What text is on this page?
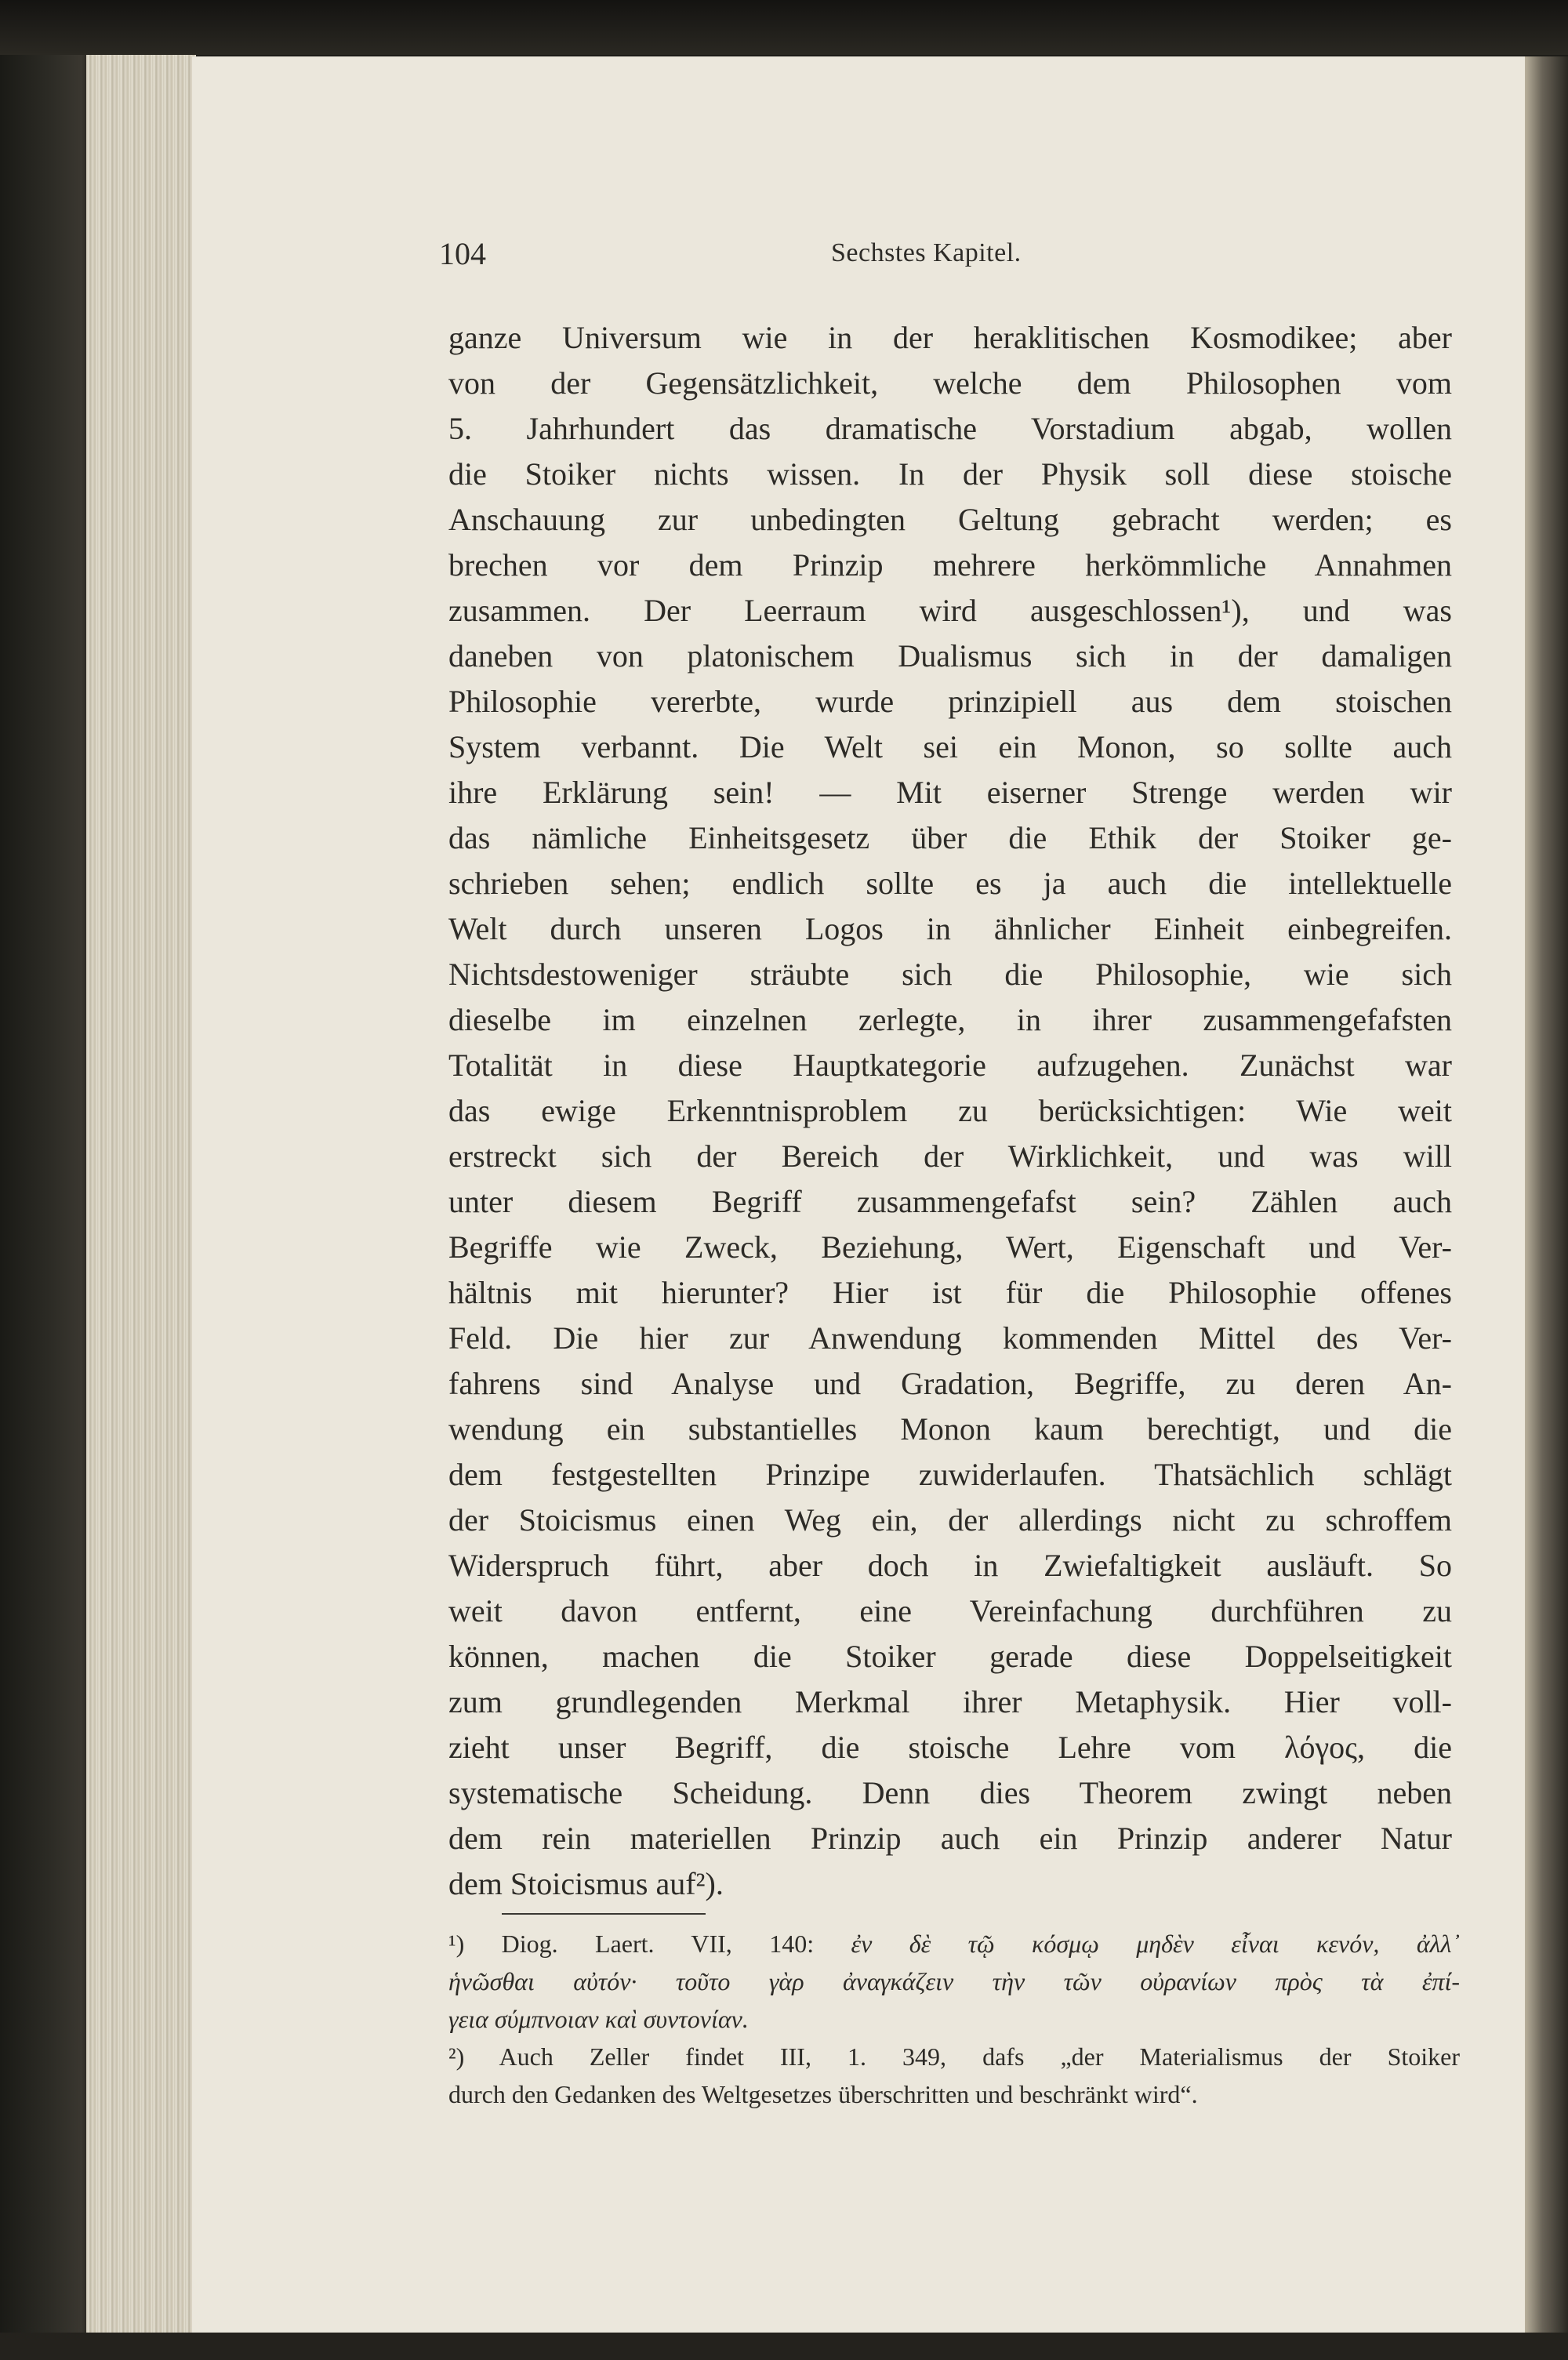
104	Sechstes Kapitel.
ganze Universum wie in der heraklitischen Kosmodikee; aber
von der Gegensätzlichkeit, welche dem Philosophen vom
5. Jahrhundert das dramatische Vorstadium abgab, wollen
die Stoiker nichts wissen. In der Physik soll diese stoische
Anschauung zur unbedingten Geltung gebracht werden; es
brechen vor dem Prinzip mehrere herkömmliche Annahmen
zusammen. Der Leerraum wird ausgeschlossen¹), und was
daneben von platonischem Dualismus sich in der damaligen
Philosophie vererbte, wurde prinzipiell aus dem stoischen
System verbannt. Die Welt sei ein Monon, so sollte auch
ihre Erklärung sein! — Mit eiserner Strenge werden wir
das nämliche Einheitsgesetz über die Ethik der Stoiker ge-
schrieben sehen; endlich sollte es ja auch die intellektuelle
Welt durch unseren Logos in ähnlicher Einheit einbegreifen.
Nichtsdestoweniger sträubte sich die Philosophie, wie sich
dieselbe im einzelnen zerlegte, in ihrer zusammengefafsten
Totalität in diese Hauptkategorie aufzugehen. Zunächst war
das ewige Erkenntnisproblem zu berücksichtigen: Wie weit
erstreckt sich der Bereich der Wirklichkeit, und was will
unter diesem Begriff zusammengefafst sein? Zählen auch
Begriffe wie Zweck, Beziehung, Wert, Eigenschaft und Ver-
hältnis mit hierunter? Hier ist für die Philosophie offenes
Feld. Die hier zur Anwendung kommenden Mittel des Ver-
fahrens sind Analyse und Gradation, Begriffe, zu deren An-
wendung ein substantielles Monon kaum berechtigt, und die
dem festgestellten Prinzipe zuwiderlaufen. Thatsächlich schlägt
der Stoicismus einen Weg ein, der allerdings nicht zu schroffem
Widerspruch führt, aber doch in Zwiefaltigkeit ausläuft. So
weit davon entfernt, eine Vereinfachung durchführen zu
können, machen die Stoiker gerade diese Doppelseitigkeit
zum grundlegenden Merkmal ihrer Metaphysik. Hier voll-
zieht unser Begriff, die stoische Lehre vom λόγος, die
systematische Scheidung. Denn dies Theorem zwingt neben
dem rein materiellen Prinzip auch ein Prinzip anderer Natur
dem Stoicismus auf²).
¹) Diog. Laert. VII, 140: ἐν δὲ τῷ κόσμῳ μηδὲν εἶναι κενόν, ἀλλ᾽
ἡνῶσθαι αὐτόν· τοῦτο γὰρ ἀναγκάζειν τὴν τῶν οὐρανίων πρὸς τὰ ἐπί-
γεια σύμπνοιαν καὶ συντονίαν.
²) Auch Zeller findet III, 1. 349, dafs „der Materialismus der Stoiker
durch den Gedanken des Weltgesetzes überschritten und beschränkt wird“.
